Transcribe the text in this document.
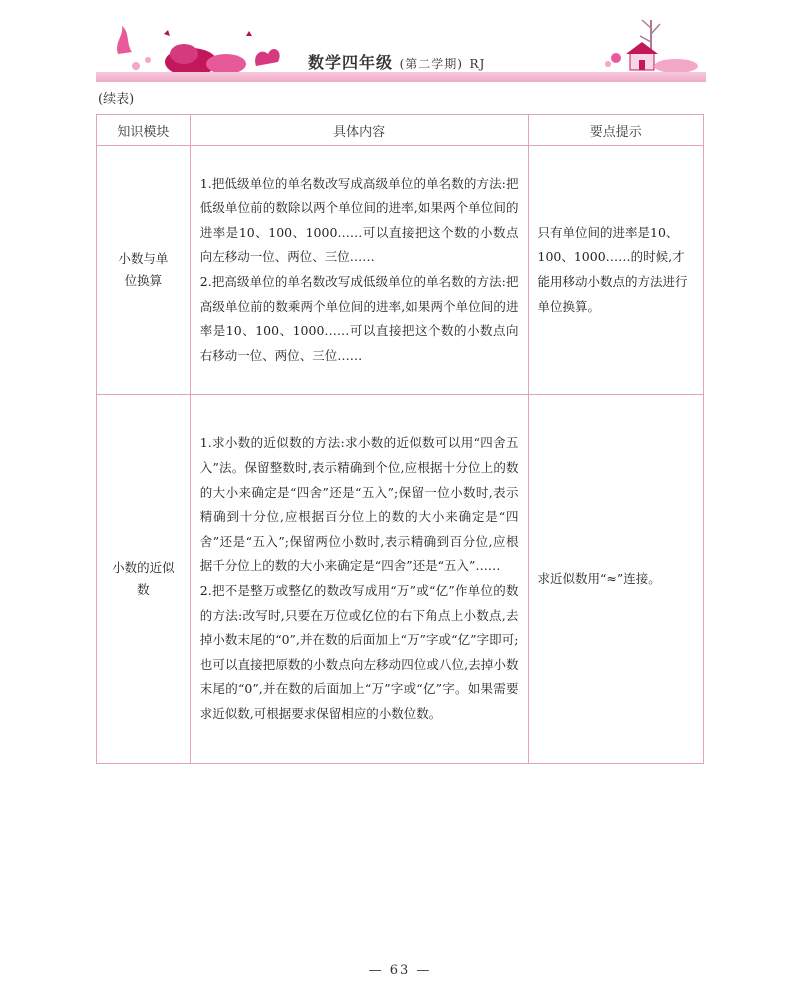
数学四年级 (第二学期) RJ
(续表)
知识模块	具体内容	要点提示

小数与单位换算	1.把低级单位的单名数改写成高级单位的单名数的方法:把低级单位前的数除以两个单位间的进率,如果两个单位间的进率是10、100、1000……可以直接把这个数的小数点向左移动一位、两位、三位……
2.把高级单位的单名数改写成低级单位的单名数的方法:把高级单位前的数乘两个单位间的进率,如果两个单位间的进率是10、100、1000……可以直接把这个数的小数点向右移动一位、两位、三位……	只有单位间的进率是10、100、1000……的时候,才能用移动小数点的方法进行单位换算。

小数的近似数	1.求小数的近似数的方法:求小数的近似数可以用“四舍五入”法。保留整数时,表示精确到个位,应根据十分位上的数的大小来确定是“四舍”还是“五入”;保留一位小数时,表示精确到十分位,应根据百分位上的数的大小来确定是“四舍”还是“五入”;保留两位小数时,表示精确到百分位,应根据千分位上的数的大小来确定是“四舍”还是“五入”……
2.把不是整万或整亿的数改写成用“万”或“亿”作单位的数的方法:改写时,只要在万位或亿位的右下角点上小数点,去掉小数末尾的“0”,并在数的后面加上“万”字或“亿”字即可;也可以直接把原数的小数点向左移动四位或八位,去掉小数末尾的“0”,并在数的后面加上“万”字或“亿”字。如果需要求近似数,可根据要求保留相应的小数位数。	求近似数用“≈”连接。
— 63 —
